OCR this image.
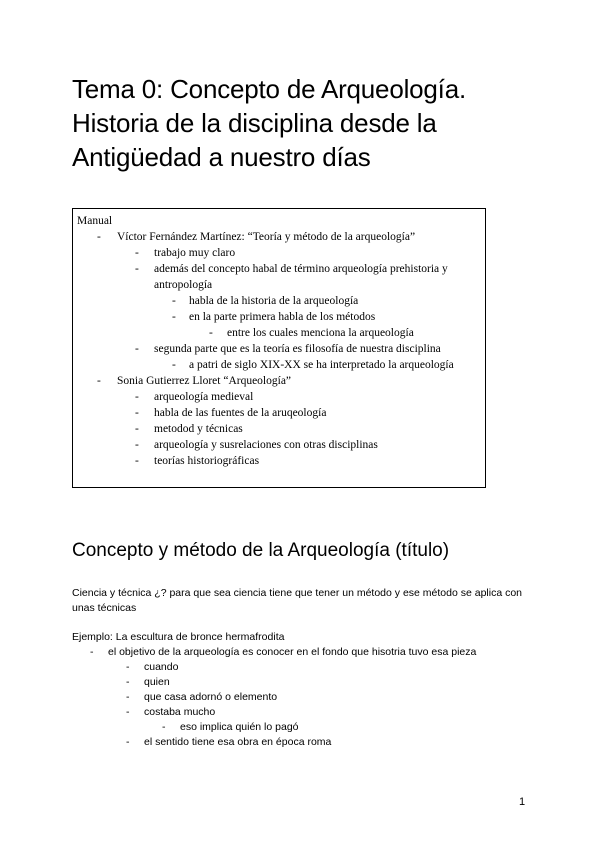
Tema 0: Concepto de Arqueología. Historia de la disciplina desde la Antigüedad a nuestro días
Manual
- Víctor Fernández Martínez: “Teoría y método de la arqueología”
- trabajo muy claro
- además del concepto habal de término arqueología prehistoria y antropología
- habla de la historia de la arqueología
- en la parte primera habla de los métodos
- entre los cuales menciona la arqueología
- segunda parte que es la teoría es filosofía de nuestra disciplina
- a patri de siglo XIX-XX se ha interpretado la arqueología
- Sonia Gutierrez Lloret “Arqueología”
- arqueología medieval
- habla de las fuentes de la aruqeología
- metodod y técnicas
- arqueología y susrelaciones con otras disciplinas
- teorías historiográficas
Concepto y método de la Arqueología (título)

Ciencia y técnica ¿? para que sea ciencia tiene que tener un método y ese método se aplica con unas técnicas

Ejemplo: La escultura de bronce hermafrodita

- el objetivo de la arqueología es conocer en el fondo que hisotria tuvo esa pieza
- cuando
- quien
- que casa adornó o elemento
- costaba mucho
- eso implica quién lo pagó
- el sentido tiene esa obra en época roma
1
